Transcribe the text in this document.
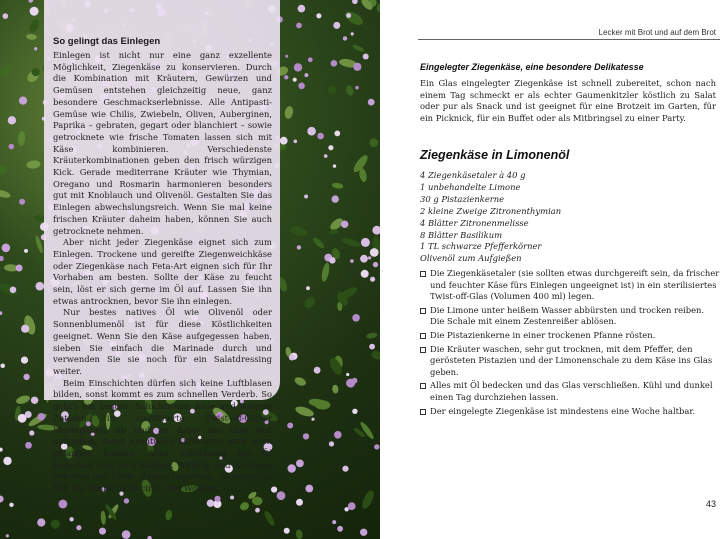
So gelingt das Einlegen

Einlegen ist nicht nur eine ganz exzellente Möglichkeit, Ziegenkäse zu konservieren. Durch die Kombination mit Kräutern, Gewürzen und Gemüsen entstehen gleichzeitig neue, ganz besondere Geschmackserlebnisse. Alle Antipasti-Gemüse wie Chilis, Zwiebeln, Oliven, Auberginen, Paprika – gebraten, gegart oder blanchiert – sowie getrocknete wie frische Tomaten lassen sich mit Käse kombinieren. Verschiedenste Kräuterkombinationen geben den frisch würzigen Kick. Gerade mediterrane Kräuter wie Thymian, Oregano und Rosmarin harmonieren besonders gut mit Knoblauch und Olivenöl. Gestalten Sie das Einlegen abwechslungsreich. Wenn Sie mal keine frischen Kräuter daheim haben, können Sie auch getrocknete nehmen.

Aber nicht jeder Ziegenkäse eignet sich zum Einlegen. Trockene und gereifte Ziegenweichkäse oder Ziegenkäse nach Feta-Art eignen sich für Ihr Vorhaben am besten. Sollte der Käse zu feucht sein, löst er sich gerne im Öl auf. Lassen Sie ihn etwas antrocknen, bevor Sie ihn einlegen.

Nur bestes natives Öl wie Olivenöl oder Sonnenblumenöl ist für diese Köstlichkeiten geeignet. Wenn Sie den Käse aufgegessen haben, sieben Sie einfach die Marinade durch und verwenden Sie sie noch für ein Salatdressing weiter.

Beim Einschichten dürfen sich keine Luftblasen bilden, sonst kommt es zum schnellen Verderb. So geht's am besten: Schichtweise Käse und weitere Zutaten in sterilisierte Twist-off-Gläser hineingeben, ab und an dabei das Glas fest aufstoßen, damit eventuelle Luftblasen nach oben gelangen können. Alles vollständig mit Öl bedecken und verschließen. Wichtig sind sauberes Arbeiten und kühle, dunkle Lagerung. So verpackt, hält die Köstlichkeit circa drei Wochen.

Lecker mit Brot und auf dem Brot
Eingelegter Ziegenkäse, eine besondere Delikatesse

Ein Glas eingelegter Ziegenkäse ist schnell zubereitet, schon nach einem Tag schmeckt er als echter Gaumenkitzler köstlich zu Salat oder pur als Snack und ist geeignet für eine Brotzeit im Garten, für ein Picknick, für ein Buffet oder als Mitbringsel zu einer Party.

Ziegenkäse in Limonenöl
4 Ziegenkäsetaler à 40 g
1 unbehandelte Limone
30 g Pistazienkerne
2 kleine Zweige Zitronenthymian
4 Blätter Zitronenmelisse
8 Blätter Basilikum
1 TL schwarze Pfefferkörner
Olivenöl zum Aufgießen
Die Ziegenkäsetaler (sie sollten etwas durchgereift sein, da frischer und feuchter Käse fürs Einlegen ungeeignet ist) in ein sterilisiertes Twist-off-Glas (Volumen 400 ml) legen.
Die Limone unter heißem Wasser abbürsten und trocken reiben. Die Schale mit einem Zestenreißer ablösen.
Die Pistazienkerne in einer trockenen Pfanne rösten.
Die Kräuter waschen, sehr gut trocknen, mit dem Pfeffer, den gerösteten Pistazien und der Limonenschale zu dem Käse ins Glas geben.
Alles mit Öl bedecken und das Glas verschließen. Kühl und dunkel einen Tag durchziehen lassen.
Der eingelegte Ziegenkäse ist mindestens eine Woche haltbar.
43
